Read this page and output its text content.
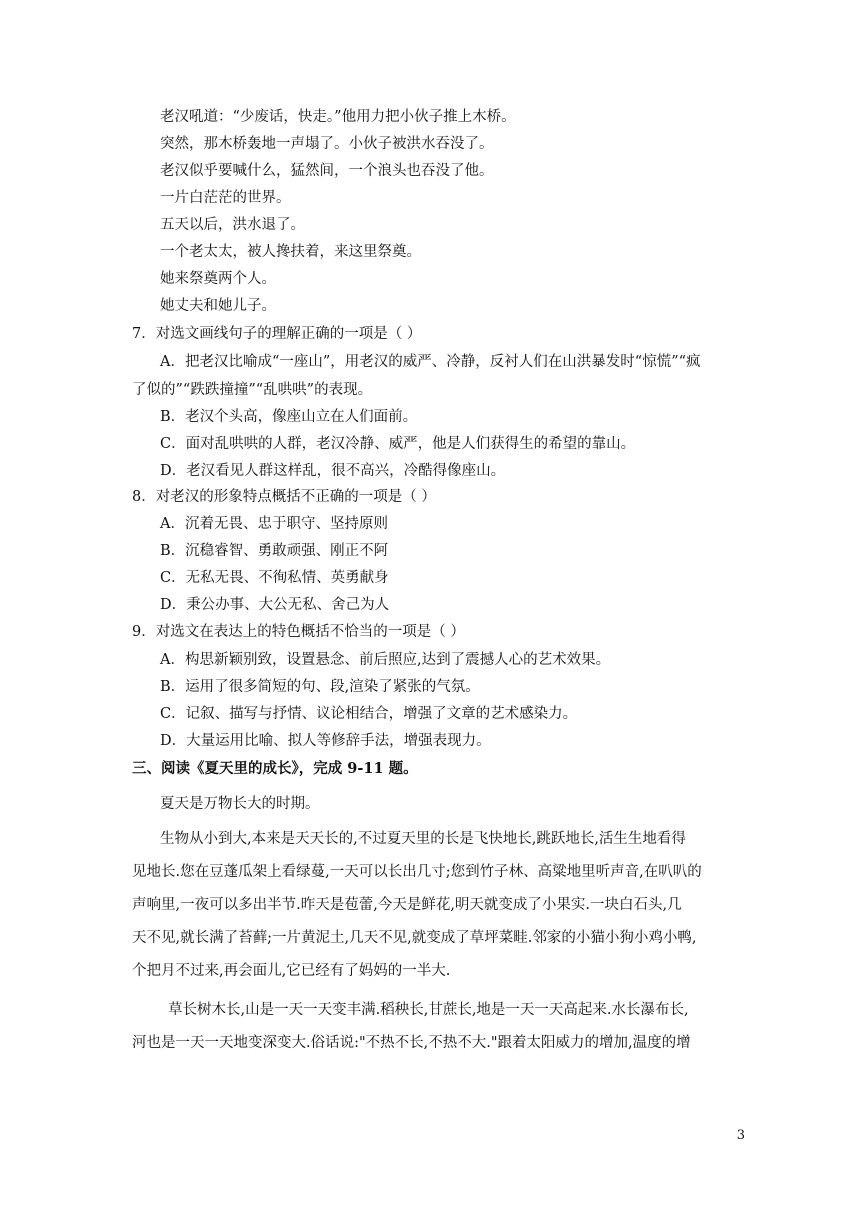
老汉吼道：“少废话，快走。”他用力把小伙子推上木桥。
突然，那木桥轰地一声塌了。小伙子被洪水吞没了。
老汉似乎要喊什么，猛然间，一个浪头也吞没了他。
一片白茫茫的世界。
五天以后，洪水退了。
一个老太太，被人搀扶着，来这里祭奠。
她来祭奠两个人。
她丈夫和她儿子。
7．对选文画线句子的理解正确的一项是（ ）
A．把老汉比喻成“一座山”，用老汉的威严、冷静，反衬人们在山洪暴发时“惊慌”“疯
了似的”“跌跌撞撞”“乱哄哄”的表现。
B．老汉个头高，像座山立在人们面前。
C．面对乱哄哄的人群，老汉冷静、威严，他是人们获得生的希望的靠山。
D．老汉看见人群这样乱，很不高兴，冷酷得像座山。
8．对老汉的形象特点概括不正确的一项是（ ）
A．沉着无畏、忠于职守、坚持原则
B．沉稳睿智、勇敢顽强、刚正不阿
C．无私无畏、不徇私情、英勇献身
D．秉公办事、大公无私、舍己为人
9．对选文在表达上的特色概括不恰当的一项是（ ）
A．构思新颖别致，设置悬念、前后照应,达到了震撼人心的艺术效果。
B．运用了很多简短的句、段,渲染了紧张的气氛。
C．记叙、描写与抒情、议论相结合，增强了文章的艺术感染力。
D．大量运用比喻、拟人等修辞手法，增强表现力。
三、阅读《夏天里的成长》，完成 9-11 题。
夏天是万物长大的时期。
生物从小到大,本来是天天长的,不过夏天里的长是飞快地长,跳跃地长,活生生地看得
见地长.您在豆蓬瓜架上看绿蔓,一天可以长出几寸;您到竹子林、高粱地里听声音,在叭叭的
声响里,一夜可以多出半节.昨天是苞蕾,今天是鲜花,明天就变成了小果实.一块白石头,几
天不见,就长满了苔藓;一片黄泥土,几天不见,就变成了草坪菜畦.邻家的小猫小狗小鸡小鸭,
个把月不过来,再会面儿,它已经有了妈妈的一半大.
草长树木长,山是一天一天变丰满.稻秧长,甘蔗长,地是一天一天高起来.水长瀑布长,
河也是一天一天地变深变大.俗话说:"不热不长,不热不大."跟着太阳威力的增加,温度的增
3
